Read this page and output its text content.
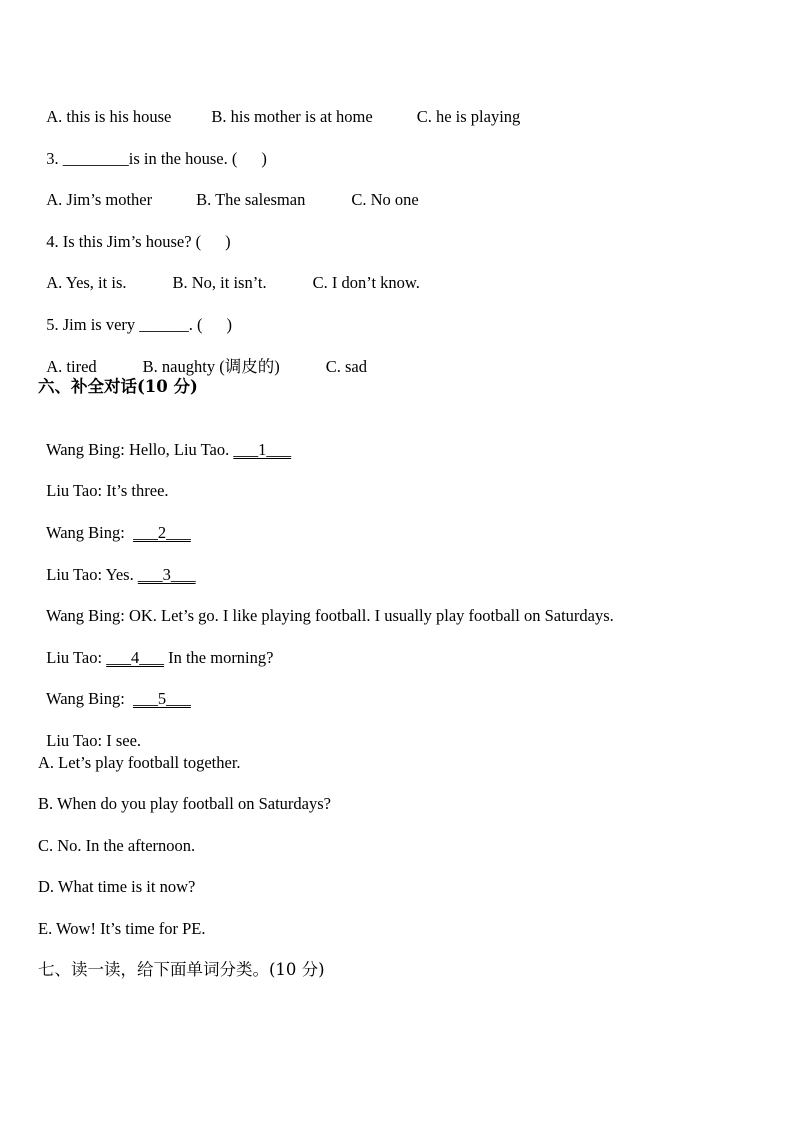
A. this is his house B. his mother is at home	C. he is playing

3. ________is in the house. ( )

A. Jim’s mother	B. The salesman	C. No one

4. Is this Jim’s house? ( )

A. Yes, it is.	B. No, it isn’t.	C. I don’t know.

5. Jim is very ______. ( )

A. tired	B. naughty (调皮的)	C. sad

六、补全对话(10 分)

Wang Bing: Hello, Liu Tao. ___1___

Liu Tao: It’s three.

Wang Bing: ___2___

Liu Tao: Yes. ___3___

Wang Bing: OK. Let’s go. I like playing football. I usually play football on Saturdays.

Liu Tao: ___4___ In the morning?

Wang Bing: ___5___

Liu Tao: I see.

A. Let’s play football together.
B. When do you play football on Saturdays?
C. No. In the afternoon.
D. What time is it now?
E. Wow! It’s time for PE.
七、读一读，给下面单词分类。(10 分)
